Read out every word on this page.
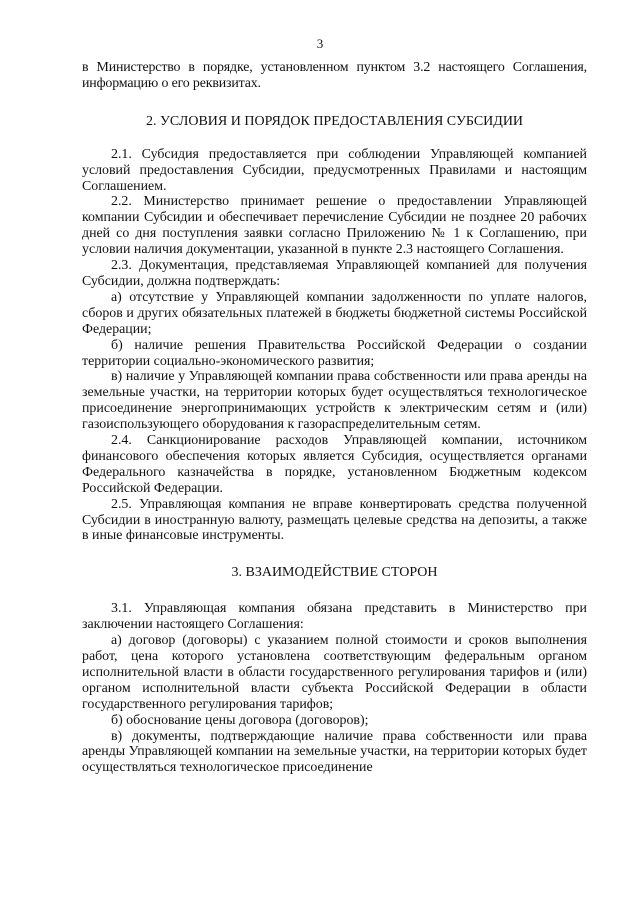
3

в Министерство в порядке, установленном пунктом 3.2 настоящего Соглашения, информацию о его реквизитах.

2. УСЛОВИЯ И ПОРЯДОК ПРЕДОСТАВЛЕНИЯ СУБСИДИИ

2.1. Субсидия предоставляется при соблюдении Управляющей компанией условий предоставления Субсидии, предусмотренных Правилами и настоящим Соглашением.

2.2. Министерство принимает решение о предоставлении Управляющей компании Субсидии и обеспечивает перечисление Субсидии не позднее 20 рабочих дней со дня поступления заявки согласно Приложению № 1 к Соглашению, при условии наличия документации, указанной в пункте 2.3 настоящего Соглашения.

2.3. Документация, представляемая Управляющей компанией для получения Субсидии, должна подтверждать:

а) отсутствие у Управляющей компании задолженности по уплате налогов, сборов и других обязательных платежей в бюджеты бюджетной системы Российской Федерации;

б) наличие решения Правительства Российской Федерации о создании территории социально-экономического развития;

в) наличие у Управляющей компании права собственности или права аренды на земельные участки, на территории которых будет осуществляться технологическое присоединение энергопринимающих устройств к электрическим сетям и (или) газоиспользующего оборудования к газораспределительным сетям.

2.4. Санкционирование расходов Управляющей компании, источником финансового обеспечения которых является Субсидия, осуществляется органами Федерального казначейства в порядке, установленном Бюджетным кодексом Российской Федерации.

2.5. Управляющая компания не вправе конвертировать средства полученной Субсидии в иностранную валюту, размещать целевые средства на депозиты, а также в иные финансовые инструменты.

3. ВЗАИМОДЕЙСТВИЕ СТОРОН

3.1. Управляющая компания обязана представить в Министерство при заключении настоящего Соглашения:

а) договор (договоры) с указанием полной стоимости и сроков выполнения работ, цена которого установлена соответствующим федеральным органом исполнительной власти в области государственного регулирования тарифов и (или) органом исполнительной власти субъекта Российской Федерации в области государственного регулирования тарифов;

б) обоснование цены договора (договоров);

в) документы, подтверждающие наличие права собственности или права аренды Управляющей компании на земельные участки, на территории которых будет осуществляться технологическое присоединение
